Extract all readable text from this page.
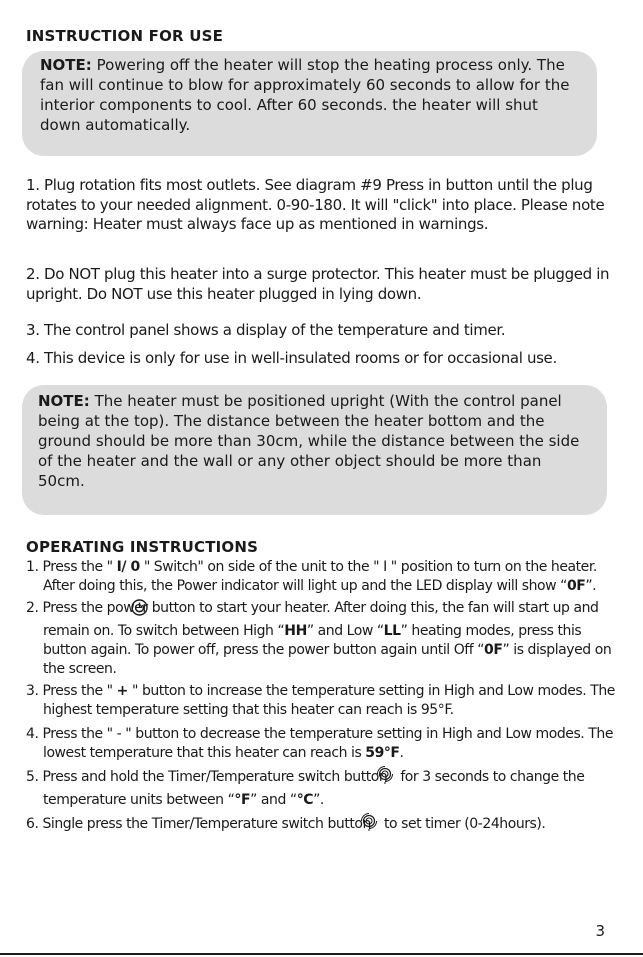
INSTRUCTION FOR USE
NOTE: Powering off the heater will stop the heating process only. The fan will continue to blow for approximately 60 seconds to allow for the interior components to cool. After 60 seconds. the heater will shut down automatically.

1. Plug rotation fits most outlets. See diagram #9 Press in button until the plug rotates to your needed alignment. 0-90-180. It will "click" into place. Please note warning: Heater must always face up as mentioned in warnings.

2. Do NOT plug this heater into a surge protector. This heater must be plugged in upright. Do NOT use this heater plugged in lying down.

3. The control panel shows a display of the temperature and timer.

4. This device is only for use in well-insulated rooms or for occasional use.

NOTE: The heater must be positioned upright (With the control panel being at the top). The distance between the heater bottom and the ground should be more than 30cm, while the distance between the side of the heater and the wall or any other object should be more than 50cm.
OPERATING INSTRUCTIONS
1. Press the " I/ 0 " Switch" on side of the unit to the " I " position to turn on the heater. After doing this, the Power indicator will light up and the LED display will show “0F”.
2. Press the power button to start your heater. After doing this, the fan will start up and remain on. To switch between High “HH” and Low “LL” heating modes, press this button again. To power off, press the power button again until Off “0F” is displayed on the screen.
3. Press the " + " button to increase the temperature setting in High and Low modes. The highest temperature setting that this heater can reach is 95°F.
4. Press the " - " button to decrease the temperature setting in High and Low modes. The lowest temperature that this heater can reach is 59°F.
5. Press and hold the Timer/Temperature switch button  for 3 seconds to change the temperature units between “°F” and “°C”.
6. Single press the Timer/Temperature switch button  to set timer (0-24hours).
3
